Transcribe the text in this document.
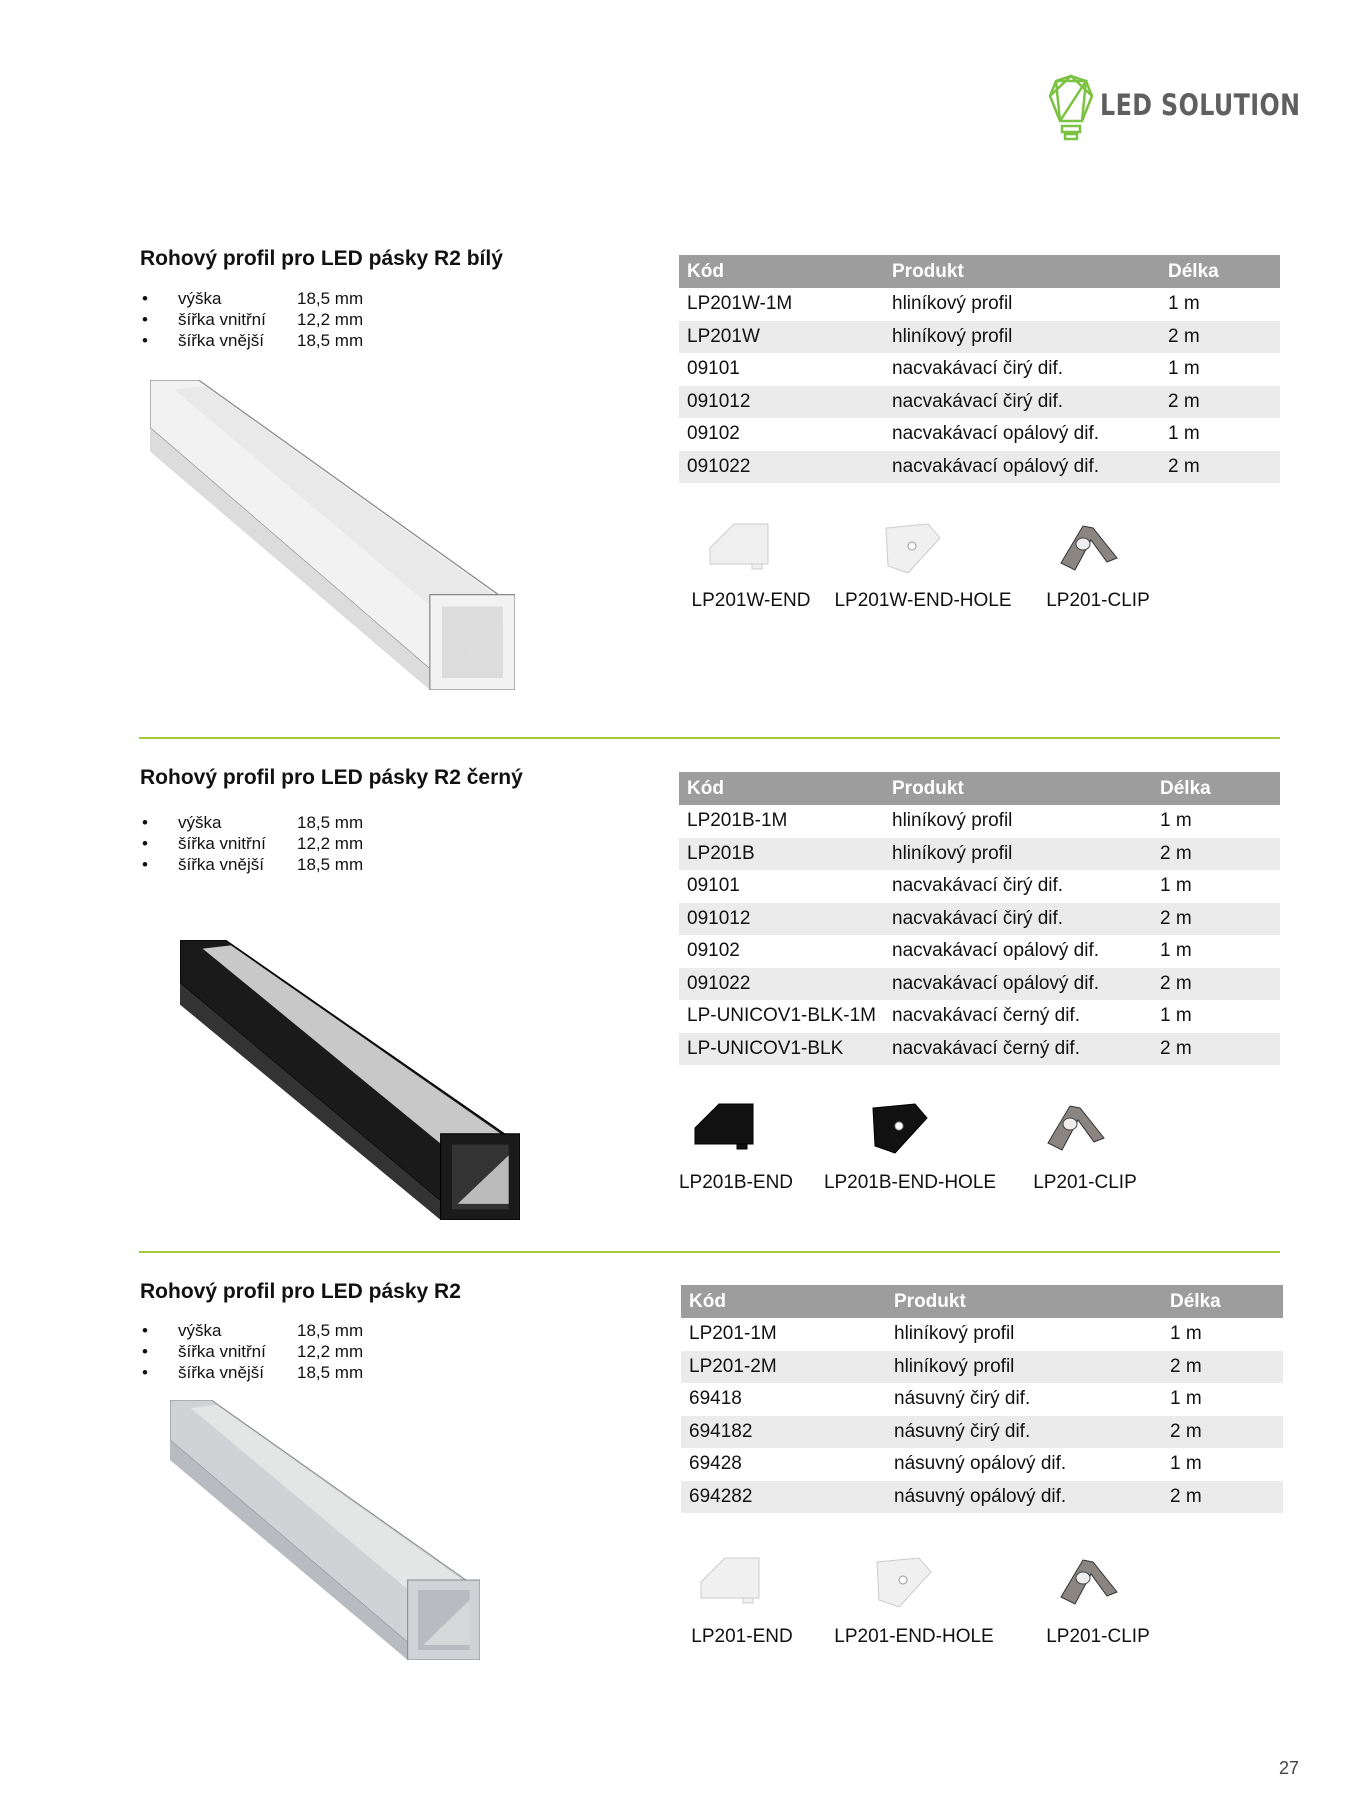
LED SOLUTION
Rohový profil pro LED pásky R2 bílý
• výška	18,5 mm
• šířka vnitřní 12,2 mm
• šířka vnější 18,5 mm
Kód	Produkt	Délka
LP201W-1M	hliníkový profil	1 m
LP201W	hliníkový profil	2 m
09101	nacvakávací čirý dif.	1 m
091012	nacvakávací čirý dif.	2 m
09102	nacvakávací opálový dif.	1 m
091022	nacvakávací opálový dif.	2 m
LP201W-END LP201W-END-HOLE LP201-CLIP
Rohový profil pro LED pásky R2 černý
• výška	18,5 mm
• šířka vnitřní 12,2 mm
• šířka vnější 18,5 mm
Kód	Produkt	Délka
LP201B-1M	hliníkový profil	1 m
LP201B	hliníkový profil	2 m
09101	nacvakávací čirý dif.	1 m
091012	nacvakávací čirý dif.	2 m
09102	nacvakávací opálový dif.	1 m
091022	nacvakávací opálový dif.	2 m
LP-UNICOV1-BLK-1M	nacvakávací černý dif.	1 m
LP-UNICOV1-BLK	nacvakávací černý dif.	2 m
LP201B-END LP201B-END-HOLE LP201-CLIP
Rohový profil pro LED pásky R2
• výška	18,5 mm
• šířka vnitřní 12,2 mm
• šířka vnější 18,5 mm
Kód	Produkt	Délka
LP201-1M	hliníkový profil	1 m
LP201-2M	hliníkový profil	2 m
69418	násuvný čirý dif.	1 m
694182	násuvný čirý dif.	2 m
69428	násuvný opálový dif.	1 m
694282	násuvný opálový dif.	2 m
LP201-END LP201-END-HOLE	LP201-CLIP
27
